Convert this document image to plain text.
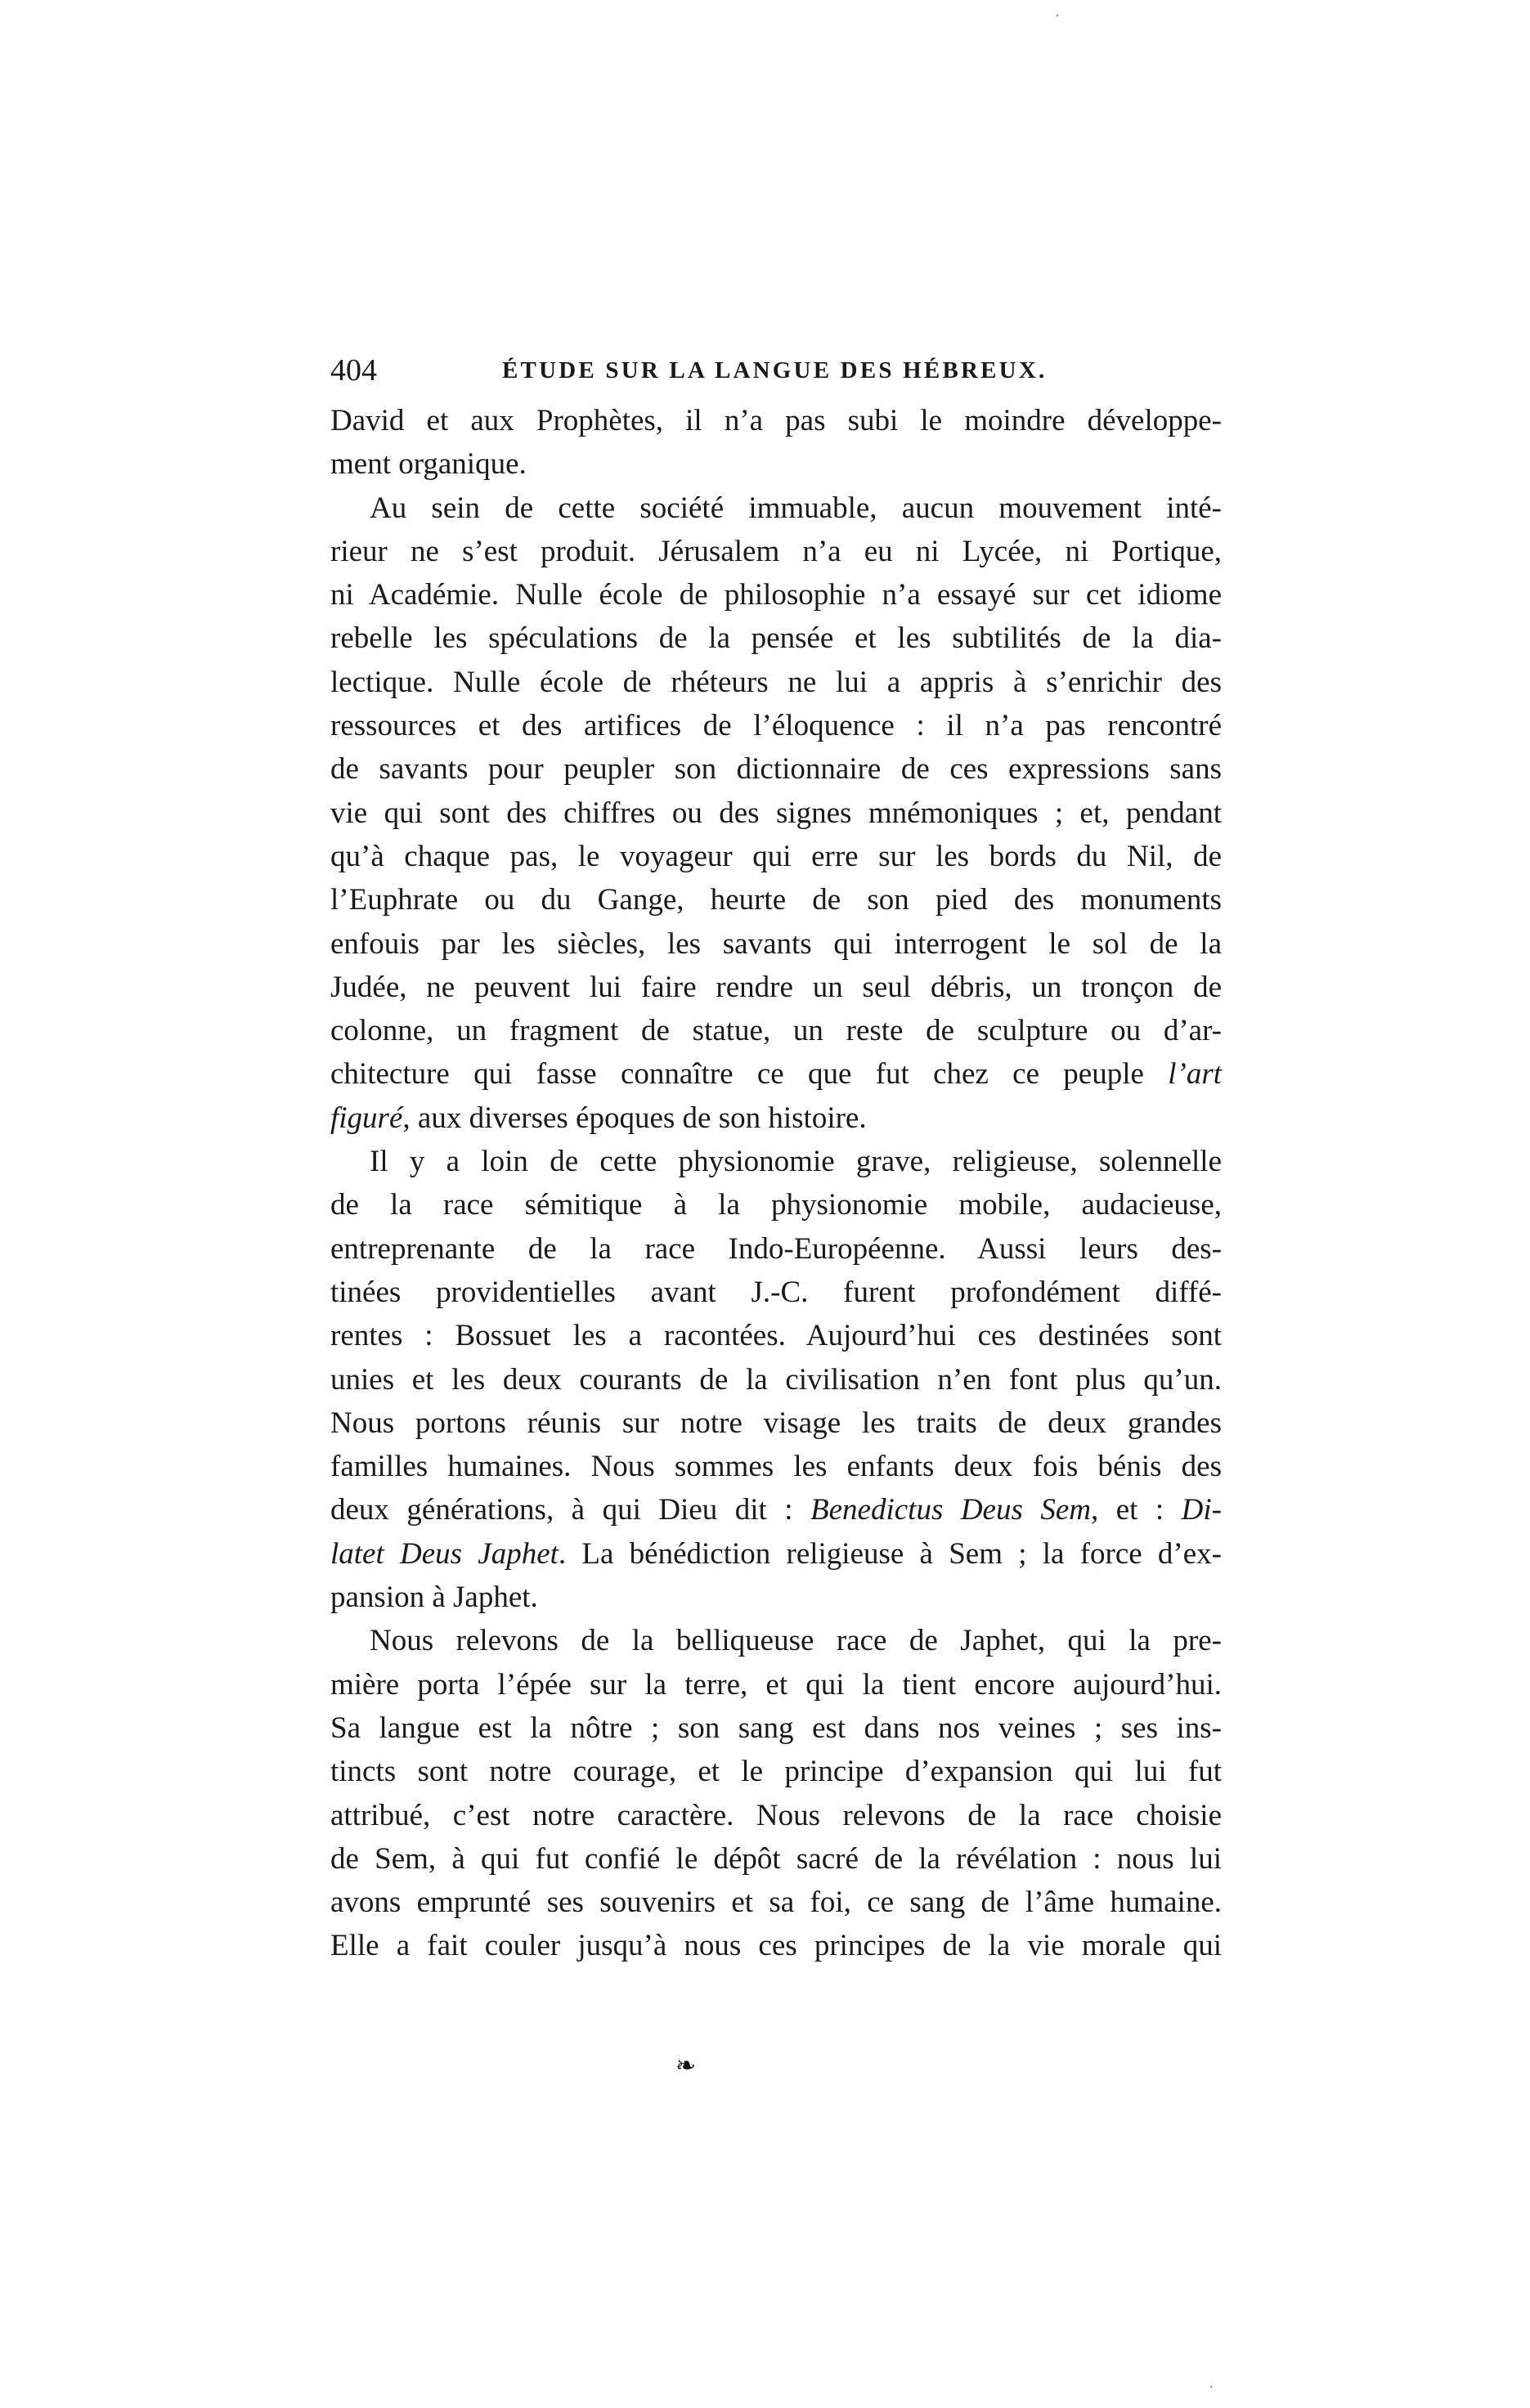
404	ÉTUDE SUR LA LANGUE DES HÉBREUX.
David et aux Prophètes, il n’a pas subi le moindre développe-
ment organique.
Au sein de cette société immuable, aucun mouvement inté-
rieur ne s’est produit. Jérusalem n’a eu ni Lycée, ni Portique,
ni Académie. Nulle école de philosophie n’a essayé sur cet idiome
rebelle les spéculations de la pensée et les subtilités de la dia-
lectique. Nulle école de rhéteurs ne lui a appris à s’enrichir des
ressources et des artifices de l’éloquence : il n’a pas rencontré
de savants pour peupler son dictionnaire de ces expressions sans
vie qui sont des chiffres ou des signes mnémoniques ; et, pendant
qu’à chaque pas, le voyageur qui erre sur les bords du Nil, de
l’Euphrate ou du Gange, heurte de son pied des monuments
enfouis par les siècles, les savants qui interrogent le sol de la
Judée, ne peuvent lui faire rendre un seul débris, un tronçon de
colonne, un fragment de statue, un reste de sculpture ou d’ar-
chitecture qui fasse connaître ce que fut chez ce peuple l’art
figuré, aux diverses époques de son histoire.
Il y a loin de cette physionomie grave, religieuse, solennelle
de la race sémitique à la physionomie mobile, audacieuse,
entreprenante de la race Indo-Européenne. Aussi leurs des-
tinées providentielles avant J.-C. furent profondément diffé-
rentes : Bossuet les a racontées. Aujourd’hui ces destinées sont
unies et les deux courants de la civilisation n’en font plus qu’un.
Nous portons réunis sur notre visage les traits de deux grandes
familles humaines. Nous sommes les enfants deux fois bénis des
deux générations, à qui Dieu dit : Benedictus Deus Sem, et : Di-
latet Deus Japhet. La bénédiction religieuse à Sem ; la force d’ex-
pansion à Japhet.
Nous relevons de la belliqueuse race de Japhet, qui la pre-
mière porta l’épée sur la terre, et qui la tient encore aujourd’hui.
Sa langue est la nôtre ; son sang est dans nos veines ; ses ins-
tincts sont notre courage, et le principe d’expansion qui lui fut
attribué, c’est notre caractère. Nous relevons de la race choisie
de Sem, à qui fut confié le dépôt sacré de la révélation : nous lui
avons emprunté ses souvenirs et sa foi, ce sang de l’âme humaine.
Elle a fait couler jusqu’à nous ces principes de la vie morale qui
❧
·
·
